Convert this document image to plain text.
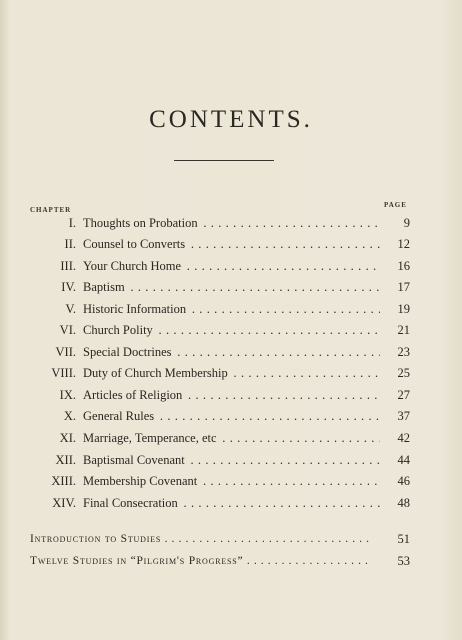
CONTENTS.
CHAPTER
PAGE
I. Thoughts on Probation . . .	9
II. Counsel to Converts . . .	12
III. Your Church Home . . .	16
IV. Baptism . . .	17
V. Historic Information . . .	19
VI. Church Polity . . .	21
VII. Special Doctrines . . .	23
VIII. Duty of Church Membership . . .	25
IX. Articles of Religion . . .	27
X. General Rules . . .	37
XI. Marriage, Temperance, etc . . .	42
XII. Baptismal Covenant . . .	44
XIII. Membership Covenant . . .	46
XIV. Final Consecration . . .	48
Introduction to Studies . . .	51
Twelve Studies in “Pilgrim's Progress” . . .	53
